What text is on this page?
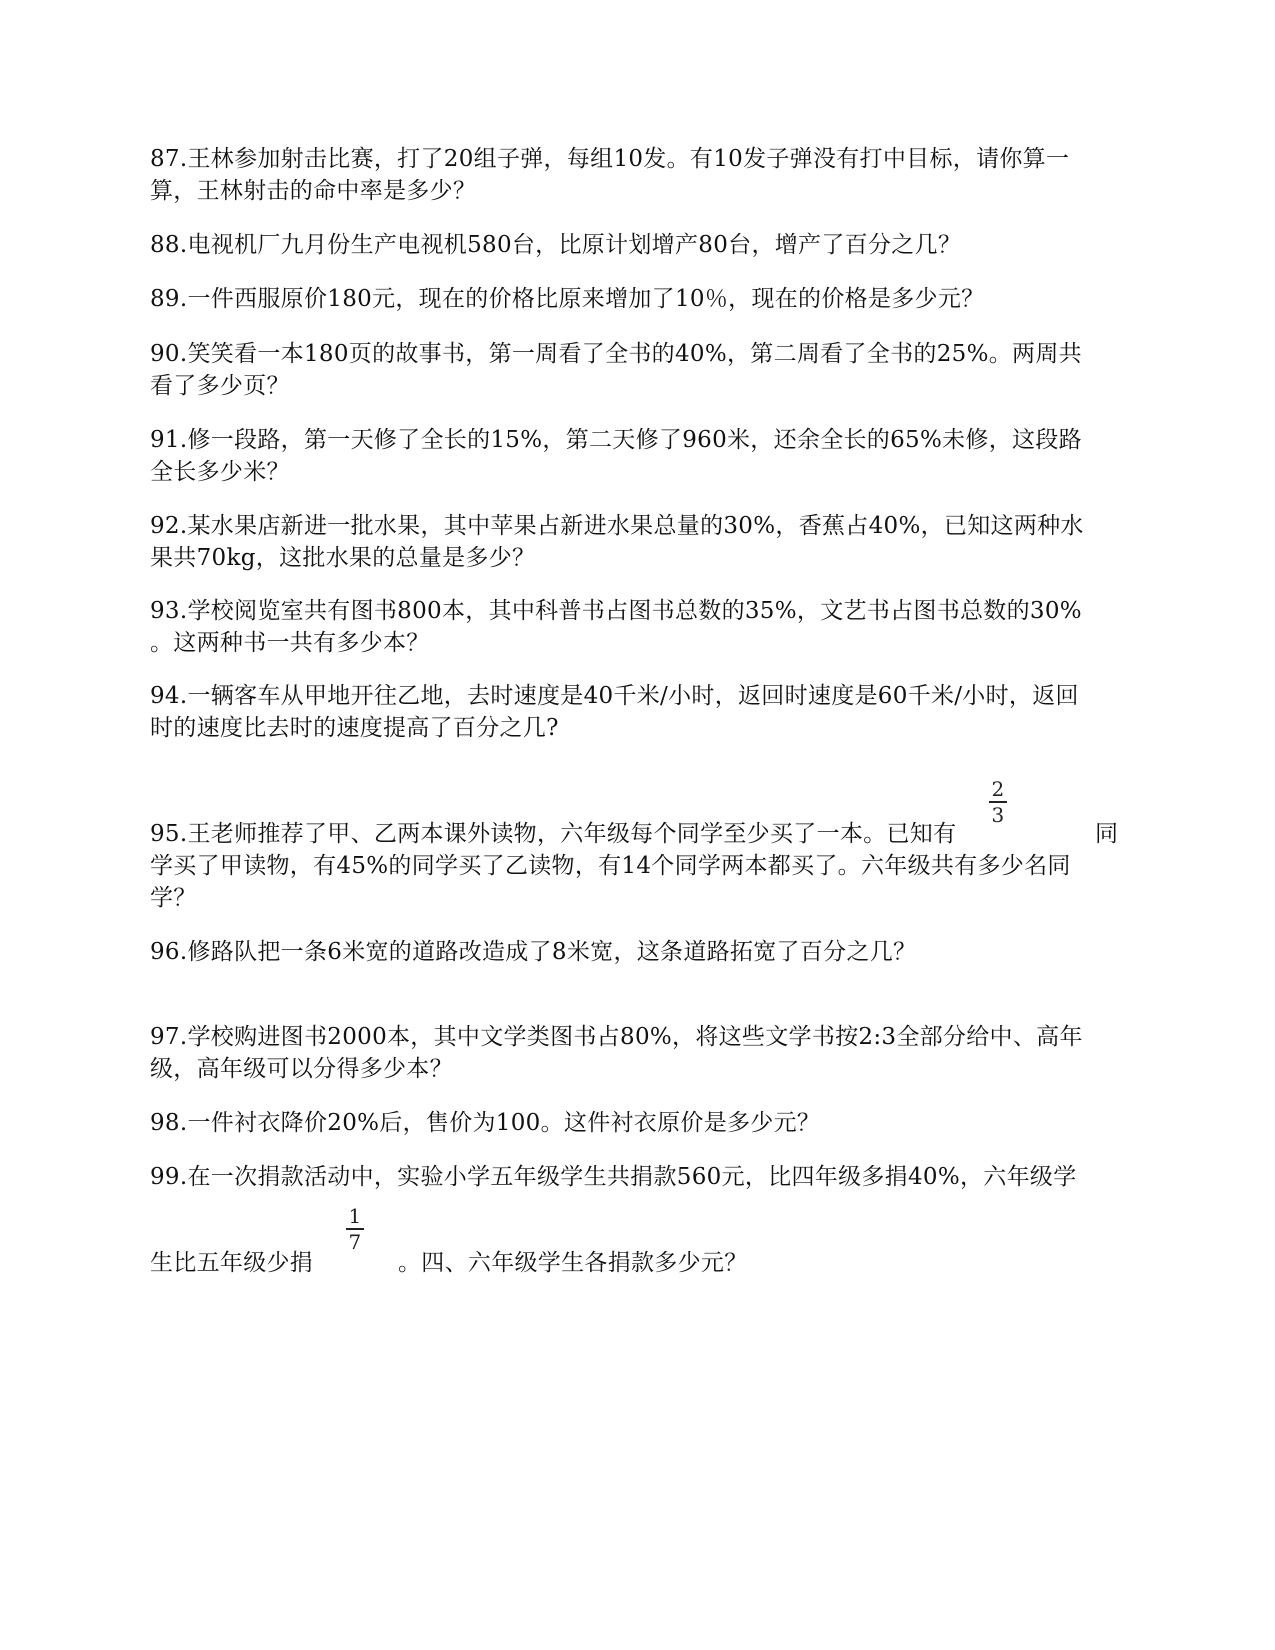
87.王林参加射击比赛，打了20组子弹，每组10发。有10发子弹没有打中目标，请你算一
算，王林射击的命中率是多少？
88.电视机厂九月份生产电视机580台，比原计划增产80台，增产了百分之几？
89.一件西服原价180元，现在的价格比原来增加了10％，现在的价格是多少元？
90.笑笑看一本180页的故事书，第一周看了全书的40%，第二周看了全书的25%。两周共
看了多少页？
91.修一段路，第一天修了全长的15%，第二天修了960米，还余全长的65%未修，这段路
全长多少米？
92.某水果店新进一批水果，其中苹果占新进水果总量的30%，香蕉占40%，已知这两种水
果共70kg，这批水果的总量是多少？
93.学校阅览室共有图书800本，其中科普书占图书总数的35%，文艺书占图书总数的30%
。这两种书一共有多少本？
94.一辆客车从甲地开往乙地，去时速度是40千米/小时，返回时速度是60千米/小时，返回
时的速度比去时的速度提高了百分之几?
95.王老师推荐了甲、乙两本课外读物，六年级每个同学至少买了一本。已知有	同
2
3
学买了甲读物，有45%的同学买了乙读物，有14个同学两本都买了。六年级共有多少名同
学？
96.修路队把一条6米宽的道路改造成了8米宽，这条道路拓宽了百分之几？
97.学校购进图书2000本，其中文学类图书占80%，将这些文学书按2:3全部分给中、高年
级，高年级可以分得多少本？
98.一件衬衣降价20%后，售价为100。这件衬衣原价是多少元？
99.在一次捐款活动中，实验小学五年级学生共捐款560元，比四年级多捐40%，六年级学
生比五年级少捐	。四、六年级学生各捐款多少元？
1
7
